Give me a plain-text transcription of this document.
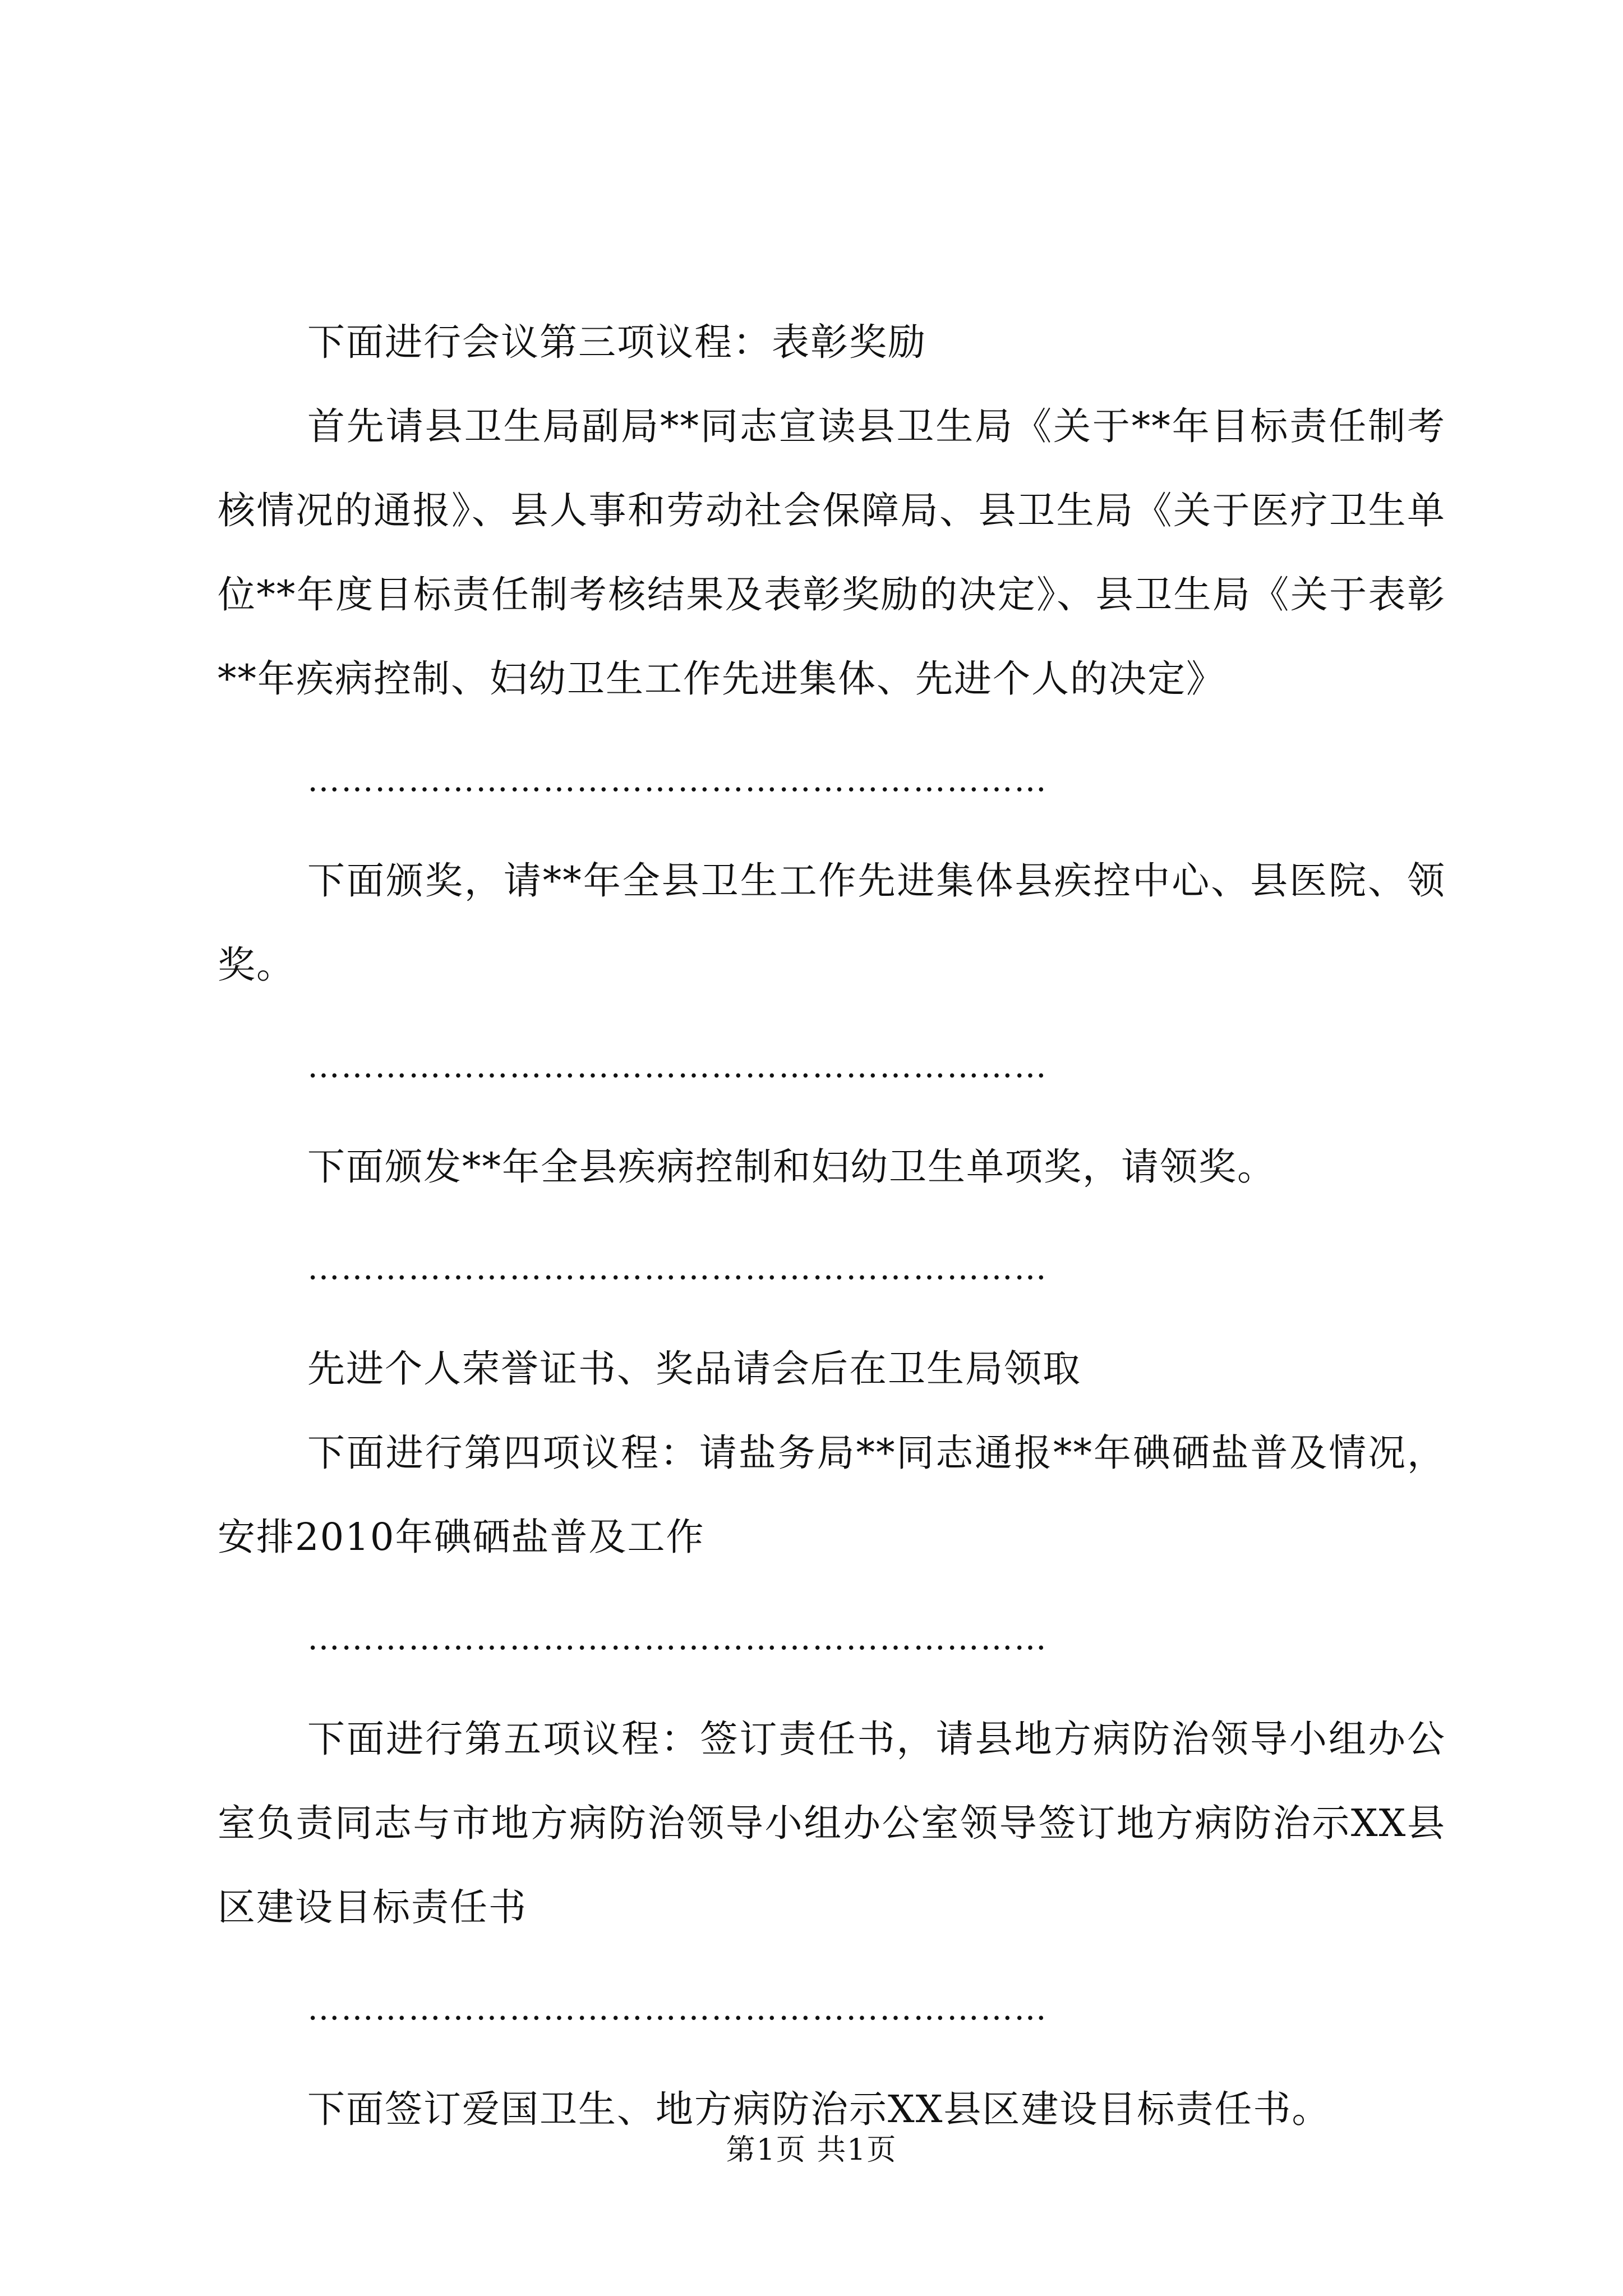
下面进行会议第三项议程：表彰奖励

首先请县卫生局副局**同志宣读县卫生局《关于**年目标责任制考核情况的通报》、县人事和劳动社会保障局、县卫生局《关于医疗卫生单位**年度目标责任制考核结果及表彰奖励的决定》、县卫生局《关于表彰**年疾病控制、妇幼卫生工作先进集体、先进个人的决定》

…………………………………………………………

下面颁奖，请**年全县卫生工作先进集体县疾控中心、县医院、领奖。

…………………………………………………………

下面颁发**年全县疾病控制和妇幼卫生单项奖，请领奖。

…………………………………………………………

先进个人荣誉证书、奖品请会后在卫生局领取

下面进行第四项议程：请盐务局**同志通报**年碘硒盐普及情况，安排2010年碘硒盐普及工作

…………………………………………………………

下面进行第五项议程：签订责任书，请县地方病防治领导小组办公室负责同志与市地方病防治领导小组办公室领导签订地方病防治示XX县区建设目标责任书

…………………………………………………………

下面签订爱国卫生、地方病防治示XX县区建设目标责任书。

第1页 共1页
